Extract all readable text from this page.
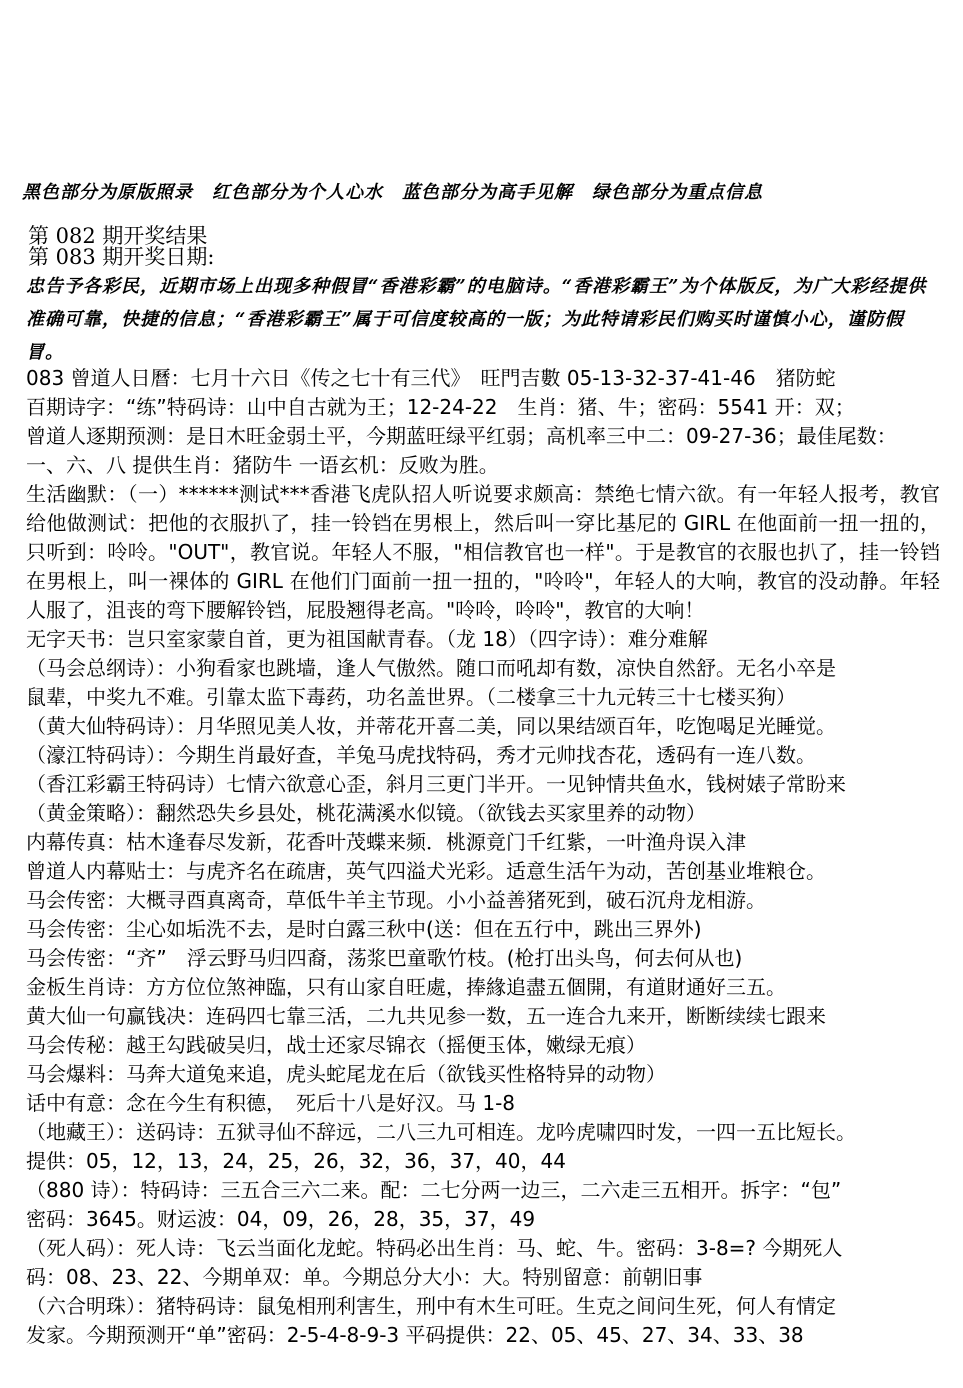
黑色部分为原版照录　红色部分为个人心水　蓝色部分为高手见解　绿色部分为重点信息
第 082 期开奖结果
第 083 期开奖日期:
忠告予各彩民，近期市场上出现多种假冒“香港彩霸”的电脑诗。“香港彩霸王”为个体版反，为广大彩经提供准确可靠，快捷的信息；“香港彩霸王”属于可信度较高的一版；为此特请彩民们购买时谨慎小心，谨防假冒。
083 曾道人日曆：七月十六日《传之七十有三代》　旺門吉數 05-13-32-37-41-46　猪防蛇
百期诗字：“练”特码诗：山中自古就为王；12-24-22　生肖：猪、牛；密码：5541 开：双；
曾道人逐期预测：是日木旺金弱土平，今期蓝旺绿平红弱；高机率三中二：09-27-36；最佳尾数：
一、六、八 提供生肖：猪防牛 一语玄机：反败为胜。
生活幽默：（一）******测试***香港飞虎队招人听说要求颇高：禁绝七情六欲。有一年轻人报考，教官给他做测试：把他的衣服扒了，挂一铃铛在男根上，然后叫一穿比基尼的 GIRL 在他面前一扭一扭的，只听到：呤呤。"OUT"，教官说。年轻人不服，"相信教官也一样"。于是教官的衣服也扒了，挂一铃铛在男根上，叫一裸体的 GIRL 在他们门面前一扭一扭的，"呤呤"，年轻人的大响，教官的没动静。年轻人服了，沮丧的弯下腰解铃铛，屁股翘得老高。"呤呤，呤呤"，教官的大响！
无字天书：岂只室家蒙自首，更为祖国献青春。（龙 18）（四字诗）：难分难解
（马会总纲诗）：小狗看家也跳墙，逢人气傲然。随口而吼却有数，凉快自然舒。无名小卒是
鼠辈，中奖九不难。引靠太监下毒药，功名盖世界。（二楼拿三十九元转三十七楼买狗）
（黄大仙特码诗）：月华照见美人妆，并蒂花开喜二美，同以果结颂百年，吃饱喝足光睡觉。
（濠江特码诗）：今期生肖最好查，羊兔马虎找特码，秀才元帅找杏花，透码有一连八数。
（香江彩霸王特码诗）七情六欲意心歪，斜月三更门半开。一见钟情共鱼水，钱树婊子常盼来
（黄金策略）：翻然恐失乡县处，桃花满溪水似镜。（欲钱去买家里养的动物）
内幕传真：枯木逢春尽发新，花香叶茂蝶来频．桃源竟门千红紫，一叶渔舟误入津
曾道人内幕贴士：与虎齐名在疏唐，英气四溢犬光彩。适意生活午为动，苦创基业堆粮仓。
马会传密：大概寻酉真离奇，草低牛羊主节现。小小益善猪死到，破石沉舟龙相游。
马会传密：尘心如垢洗不去，是时白露三秋中(送：但在五行中，跳出三界外)
马会传密：“齐”　浮云野马归四裔，荡浆巴童歌竹枝。(枪打出头鸟，何去何从也)
金板生肖诗：方方位位煞神臨，只有山家自旺處，捧緣追盡五個開，有道財通好三五。
黄大仙一句赢钱决：连码四七靠三活，二九共见参一数，五一连合九来开，断断续续七跟来
马会传秘：越王勾践破吴归，战士还家尽锦衣（摇便玉体，嫩绿无痕）
马会爆料：马奔大道兔来追，虎头蛇尾龙在后（欲钱买性格特异的动物）
话中有意：念在今生有积德，　死后十八是好汉。马 1-8
（地藏王）：送码诗：五狱寻仙不辞远，二八三九可相连。龙吟虎啸四时发，一四一五比短长。
提供：05，12，13，24，25，26，32，36，37，40，44
（880 诗）：特码诗：三五合三六二来。配：二七分两一边三，二六走三五相开。拆字：“包”
密码：3645。财运波：04，09，26，28，35，37，49
（死人码）：死人诗：飞云当面化龙蛇。特码必出生肖：马、蛇、牛。密码：3-8=? 今期死人
码：08、23、22、今期单双：单。今期总分大小：大。特别留意：前朝旧事
（六合明珠）：猪特码诗：鼠兔相刑利害生，刑中有木生可旺。生克之间问生死，何人有情定
发家。今期预测开“单”密码：2-5-4-8-9-3 平码提供：22、05、45、27、34、33、38
